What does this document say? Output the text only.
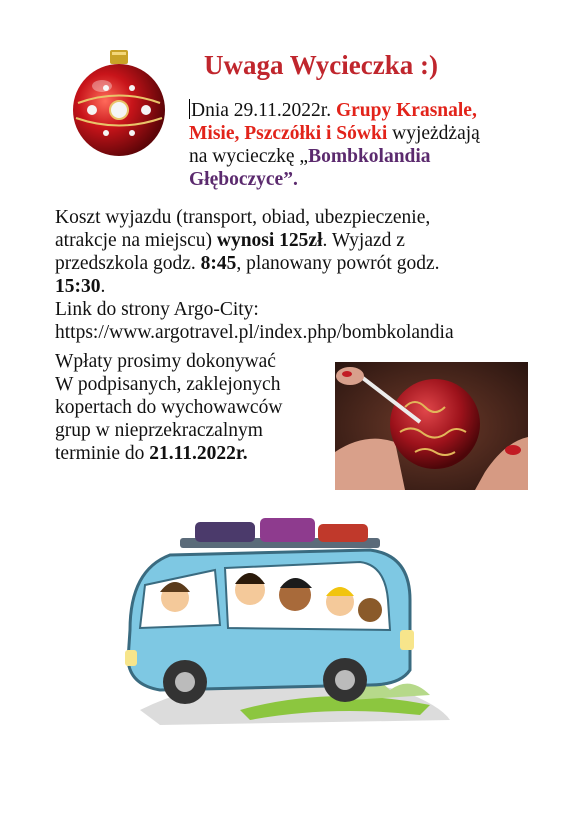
Uwaga Wycieczka :)
Dnia 29.11.2022r. Grupy Krasnale,
Misie, Pszczółki i Sówki wyjeżdżają
na wycieczkę „Bombkolandia
Głęboczyce”.
Koszt wyjazdu (transport, obiad, ubezpieczenie,
atrakcje na miejscu) wynosi 125zł. Wyjazd z
przedszkola godz. 8:45, planowany powrót godz.
15:30.
Link do strony Argo-City:
https://www.argotravel.pl/index.php/bombkolandia
Wpłaty prosimy dokonywać
W podpisanych, zaklejonych
kopertach do wychowawców
grup w nieprzekraczalnym
terminie do 21.11.2022r.
